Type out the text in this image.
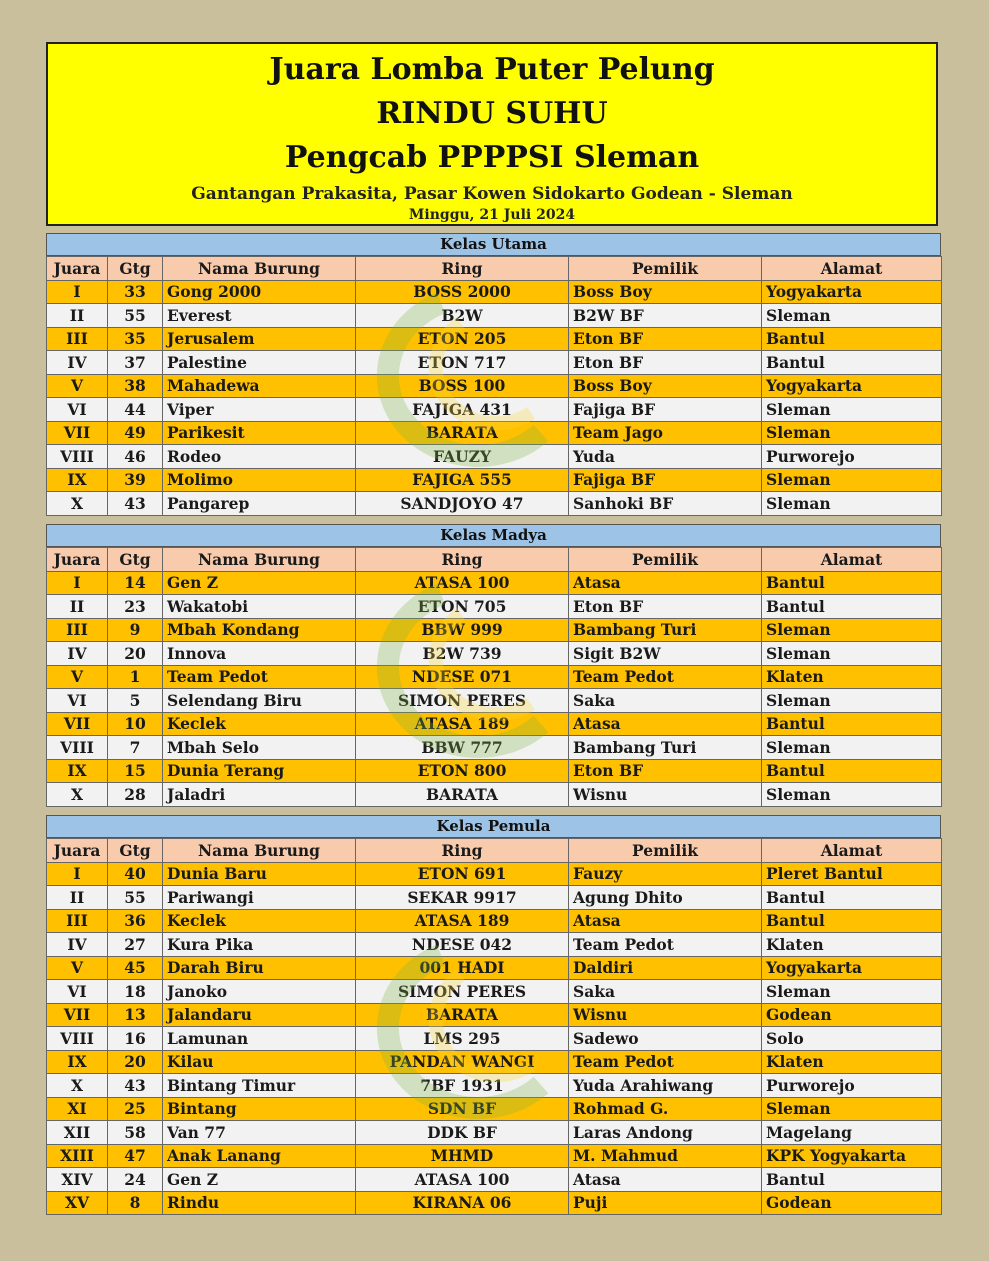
Juara Lomba Puter Pelung
RINDU SUHU
Pengcab PPPPSI Sleman
Gantangan Prakasita, Pasar Kowen Sidokarto Godean - Sleman
Minggu, 21 Juli 2024
Kelas Utama
Juara	Gtg	Nama Burung	Ring	Pemilik	Alamat
I	33	Gong 2000	BOSS 2000	Boss Boy	Yogyakarta
II	55	Everest	B2W	B2W BF	Sleman
III	35	Jerusalem	ETON 205	Eton BF	Bantul
IV	37	Palestine	ETON 717	Eton BF	Bantul
V	38	Mahadewa	BOSS 100	Boss Boy	Yogyakarta
VI	44	Viper	FAJIGA 431	Fajiga BF	Sleman
VII	49	Parikesit	BARATA	Team Jago	Sleman
VIII	46	Rodeo	FAUZY	Yuda	Purworejo
IX	39	Molimo	FAJIGA 555	Fajiga BF	Sleman
X	43	Pangarep	SANDJOYO 47	Sanhoki BF	Sleman
Kelas Madya
Juara	Gtg	Nama Burung	Ring	Pemilik	Alamat
I	14	Gen Z	ATASA 100	Atasa	Bantul
II	23	Wakatobi	ETON 705	Eton BF	Bantul
III	9	Mbah Kondang	BBW 999	Bambang Turi	Sleman
IV	20	Innova	B2W 739	Sigit B2W	Sleman
V	1	Team Pedot	NDESE 071	Team Pedot	Klaten
VI	5	Selendang Biru	SIMON PERES	Saka	Sleman
VII	10	Keclek	ATASA 189	Atasa	Bantul
VIII	7	Mbah Selo	BBW 777	Bambang Turi	Sleman
IX	15	Dunia Terang	ETON 800	Eton BF	Bantul
X	28	Jaladri	BARATA	Wisnu	Sleman
Kelas Pemula
Juara	Gtg	Nama Burung	Ring	Pemilik	Alamat
I	40	Dunia Baru	ETON 691	Fauzy	Pleret Bantul
II	55	Pariwangi	SEKAR 9917	Agung Dhito	Bantul
III	36	Keclek	ATASA 189	Atasa	Bantul
IV	27	Kura Pika	NDESE 042	Team Pedot	Klaten
V	45	Darah Biru	001 HADI	Daldiri	Yogyakarta
VI	18	Janoko	SIMON PERES	Saka	Sleman
VII	13	Jalandaru	BARATA	Wisnu	Godean
VIII	16	Lamunan	LMS 295	Sadewo	Solo
IX	20	Kilau	PANDAN WANGI	Team Pedot	Klaten
X	43	Bintang Timur	7BF 1931	Yuda Arahiwang	Purworejo
XI	25	Bintang	SDN BF	Rohmad G.	Sleman
XII	58	Van 77	DDK BF	Laras Andong	Magelang
XIII	47	Anak Lanang	MHMD	M. Mahmud	KPK Yogyakarta
XIV	24	Gen Z	ATASA 100	Atasa	Bantul
XV	8	Rindu	KIRANA 06	Puji	Godean
